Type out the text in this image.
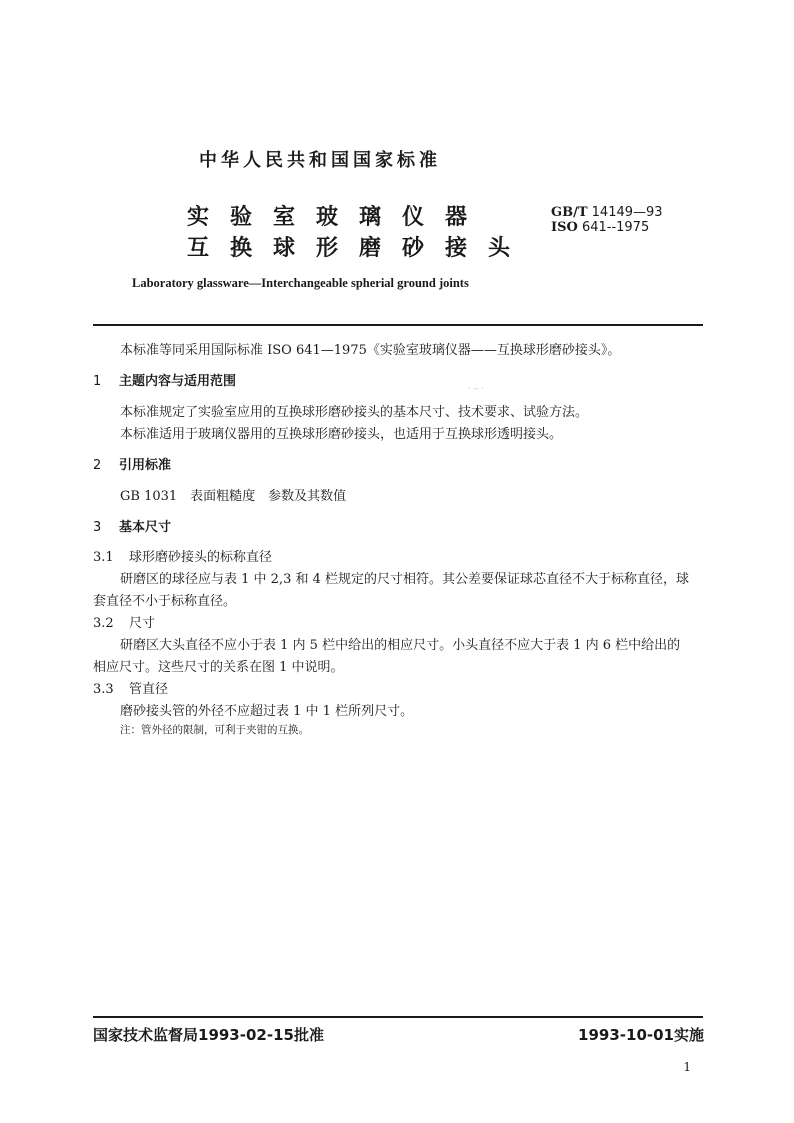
中华人民共和国国家标准
实验室玻璃仪器
互换球形磨砂接头
GB/T 14149—93
ISO 641--1975
Laboratory glassware—Interchangeable spherial ground joints
本标准等同采用国际标准 ISO 641—1975《实验室玻璃仪器——互换球形磨砂接头》。
1 主题内容与适用范围	· -- ·
本标准规定了实验室应用的互换球形磨砂接头的基本尺寸、技术要求、试验方法。
本标准适用于玻璃仪器用的互换球形磨砂接头，也适用于互换球形透明接头。
2 引用标准
GB 1031　表面粗糙度　参数及其数值
3 基本尺寸
3.1 球形磨砂接头的标称直径
研磨区的球径应与表 1 中 2,3 和 4 栏规定的尺寸相符。其公差要保证球芯直径不大于标称直径，球
套直径不小于标称直径。
3.2 尺寸
研磨区大头直径不应小于表 1 内 5 栏中给出的相应尺寸。小头直径不应大于表 1 内 6 栏中给出的
相应尺寸。这些尺寸的关系在图 1 中说明。
3.3 管直径
磨砂接头管的外径不应超过表 1 中 1 栏所列尺寸。
注：管外径的限制，可利于夹钳的互换。
国家技术监督局1993-02-15批准	1993-10-01实施
1
